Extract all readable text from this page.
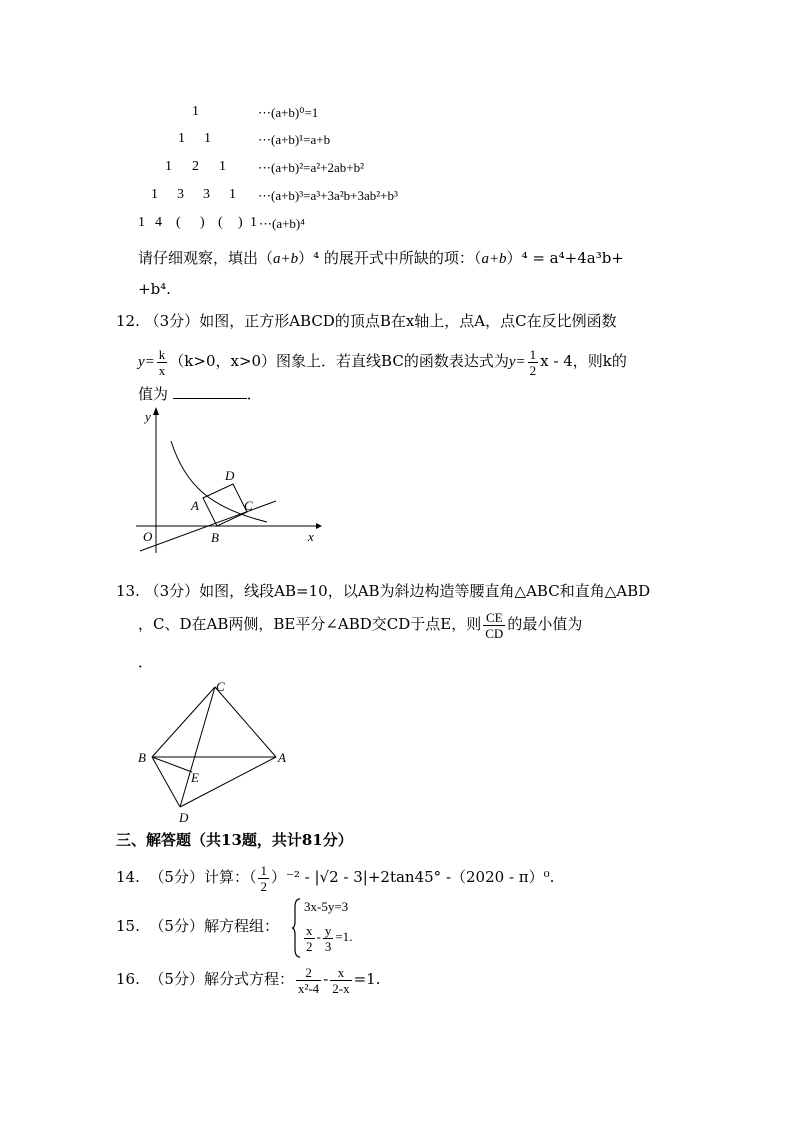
1	⋯(a+b)⁰=1
1 1	⋯(a+b)¹=a+b
1 2 1 ⋯(a+b)²=a²+2ab+b²
1 3 3 1 ⋯(a+b)³=a³+3a²b+3ab²+b³
1 4 ( ) ( ) 1 ⋯(a+b)⁴
请仔细观察，填出（a+b）⁴ 的展开式中所缺的项：（a+b）⁴ = a⁴+4a³b+
+b⁴.
12. （3分）如图，正方形ABCD的顶点B在x轴上，点A，点C在反比例函数
$y= \frac{k}{x} (k>0$，x>0）图象上．若直线BC的函数表达式为$y= \frac{1}{2}$ x - 4，则k的
值为	．
y
x
O
A
B
C
D
13. （3分）如图，线段AB=10，以AB为斜边构造等腰直角△ABC和直角△ABD
，C、D在AB两侧，BE平分∠ABD交CD于点E，则 $\frac{CE}{CD}$ 的最小值为
．
C
B	A
E
D
三、解答题（共13题，共计81分）
14. （5分）计算：（ $\frac{1}{2} )^{-2} - |√2 - 3|+2\tan 45^\circ$ -（2020 - π）⁰.
15. （5分）解方程组：
3x-5y=3
$\frac{x}{2} - \frac{y}{3} =1$.
16. （5分）解分式方程： $\frac{2}{\text{x²-4}} - \frac{x}{2-x} =1$.
